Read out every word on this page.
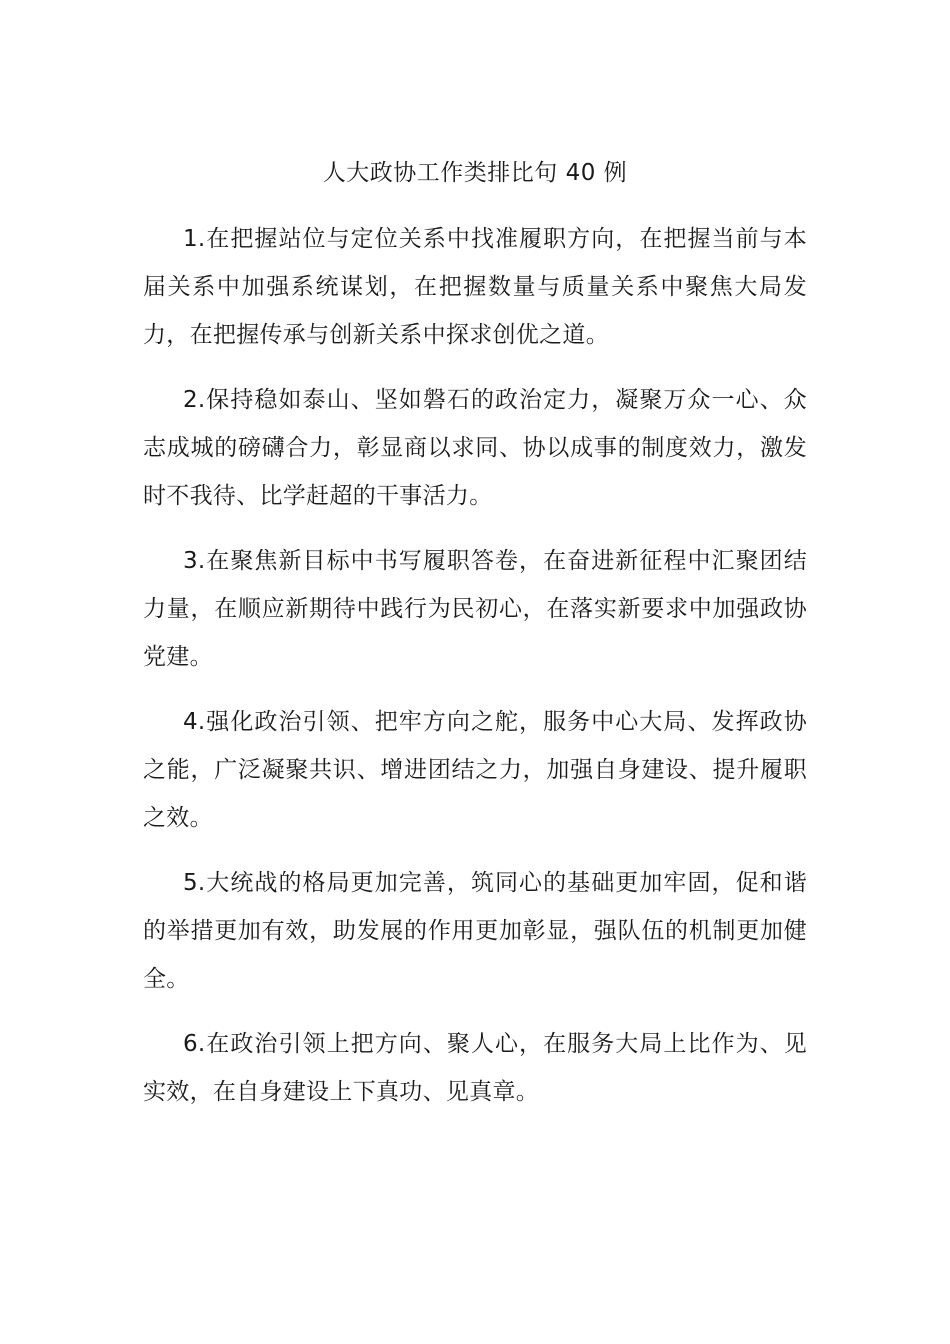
人大政协工作类排比句 40 例

1.在把握站位与定位关系中找准履职方向，在把握当前与本届关系中加强系统谋划，在把握数量与质量关系中聚焦大局发力，在把握传承与创新关系中探求创优之道。

2.保持稳如泰山、坚如磐石的政治定力，凝聚万众一心、众志成城的磅礴合力，彰显商以求同、协以成事的制度效力，激发时不我待、比学赶超的干事活力。

3.在聚焦新目标中书写履职答卷，在奋进新征程中汇聚团结力量，在顺应新期待中践行为民初心，在落实新要求中加强政协党建。

4.强化政治引领、把牢方向之舵，服务中心大局、发挥政协之能，广泛凝聚共识、增进团结之力，加强自身建设、提升履职之效。

5.大统战的格局更加完善，筑同心的基础更加牢固，促和谐的举措更加有效，助发展的作用更加彰显，强队伍的机制更加健全。

6.在政治引领上把方向、聚人心，在服务大局上比作为、见实效，在自身建设上下真功、见真章。
